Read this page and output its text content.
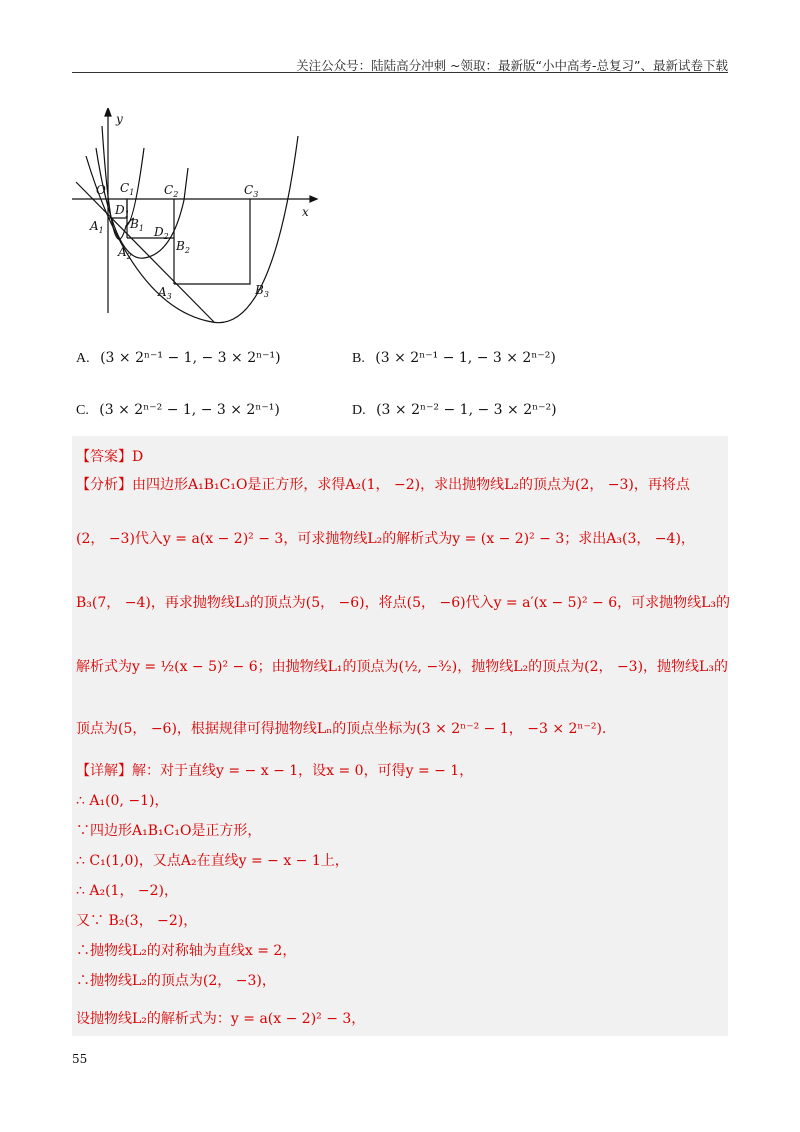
关注公众号：陆陆高分冲刺 ~领取：最新版“小中高考-总复习”、最新试卷下载
y
x
O $C_1$ $C_2$	$C_3$
$D_1$
$B_1$ $D_2$
$B_2$
$A_1$
$A_2$
$A_3$	$B_3$
A. (3 × 2ⁿ⁻¹ − 1, − 3 × 2ⁿ⁻¹)	B. (3 × 2ⁿ⁻¹ − 1, − 3 × 2ⁿ⁻²)
C. (3 × 2ⁿ⁻² − 1, − 3 × 2ⁿ⁻¹)	D. (3 × 2ⁿ⁻² − 1, − 3 × 2ⁿ⁻²)
【答案】D
【分析】由四边形A₁B₁C₁O是正方形，求得A₂(1， −2)，求出抛物线L₂的顶点为(2， −3)，再将点
(2， −3)代入y = a(x − 2)² − 3，可求抛物线L₂的解析式为y = (x − 2)² − 3；求出A₃(3， −4)，
B₃(7， −4)，再求抛物线L₃的顶点为(5， −6)，将点(5， −6)代入y = a′(x − 5)² − 6，可求抛物线L₃的
解析式为y = ½(x − 5)² − 6；由抛物线L₁的顶点为(½, −³⁄₂)，抛物线L₂的顶点为(2， −3)，抛物线L₃的
顶点为(5， −6)，根据规律可得抛物线Lₙ的顶点坐标为(3 × 2ⁿ⁻² − 1， −3 × 2ⁿ⁻²).
【详解】解：对于直线y = − x − 1，设x = 0，可得y = − 1，
∴ A₁(0, −1)，
∵四边形A₁B₁C₁O是正方形，
∴ C₁(1,0)，又点A₂在直线y = − x − 1上，
∴ A₂(1， −2)，
又∵ B₂(3， −2)，
∴抛物线L₂的对称轴为直线x = 2，
∴抛物线L₂的顶点为(2， −3)，
设抛物线L₂的解析式为：y = a(x − 2)² − 3，
55
